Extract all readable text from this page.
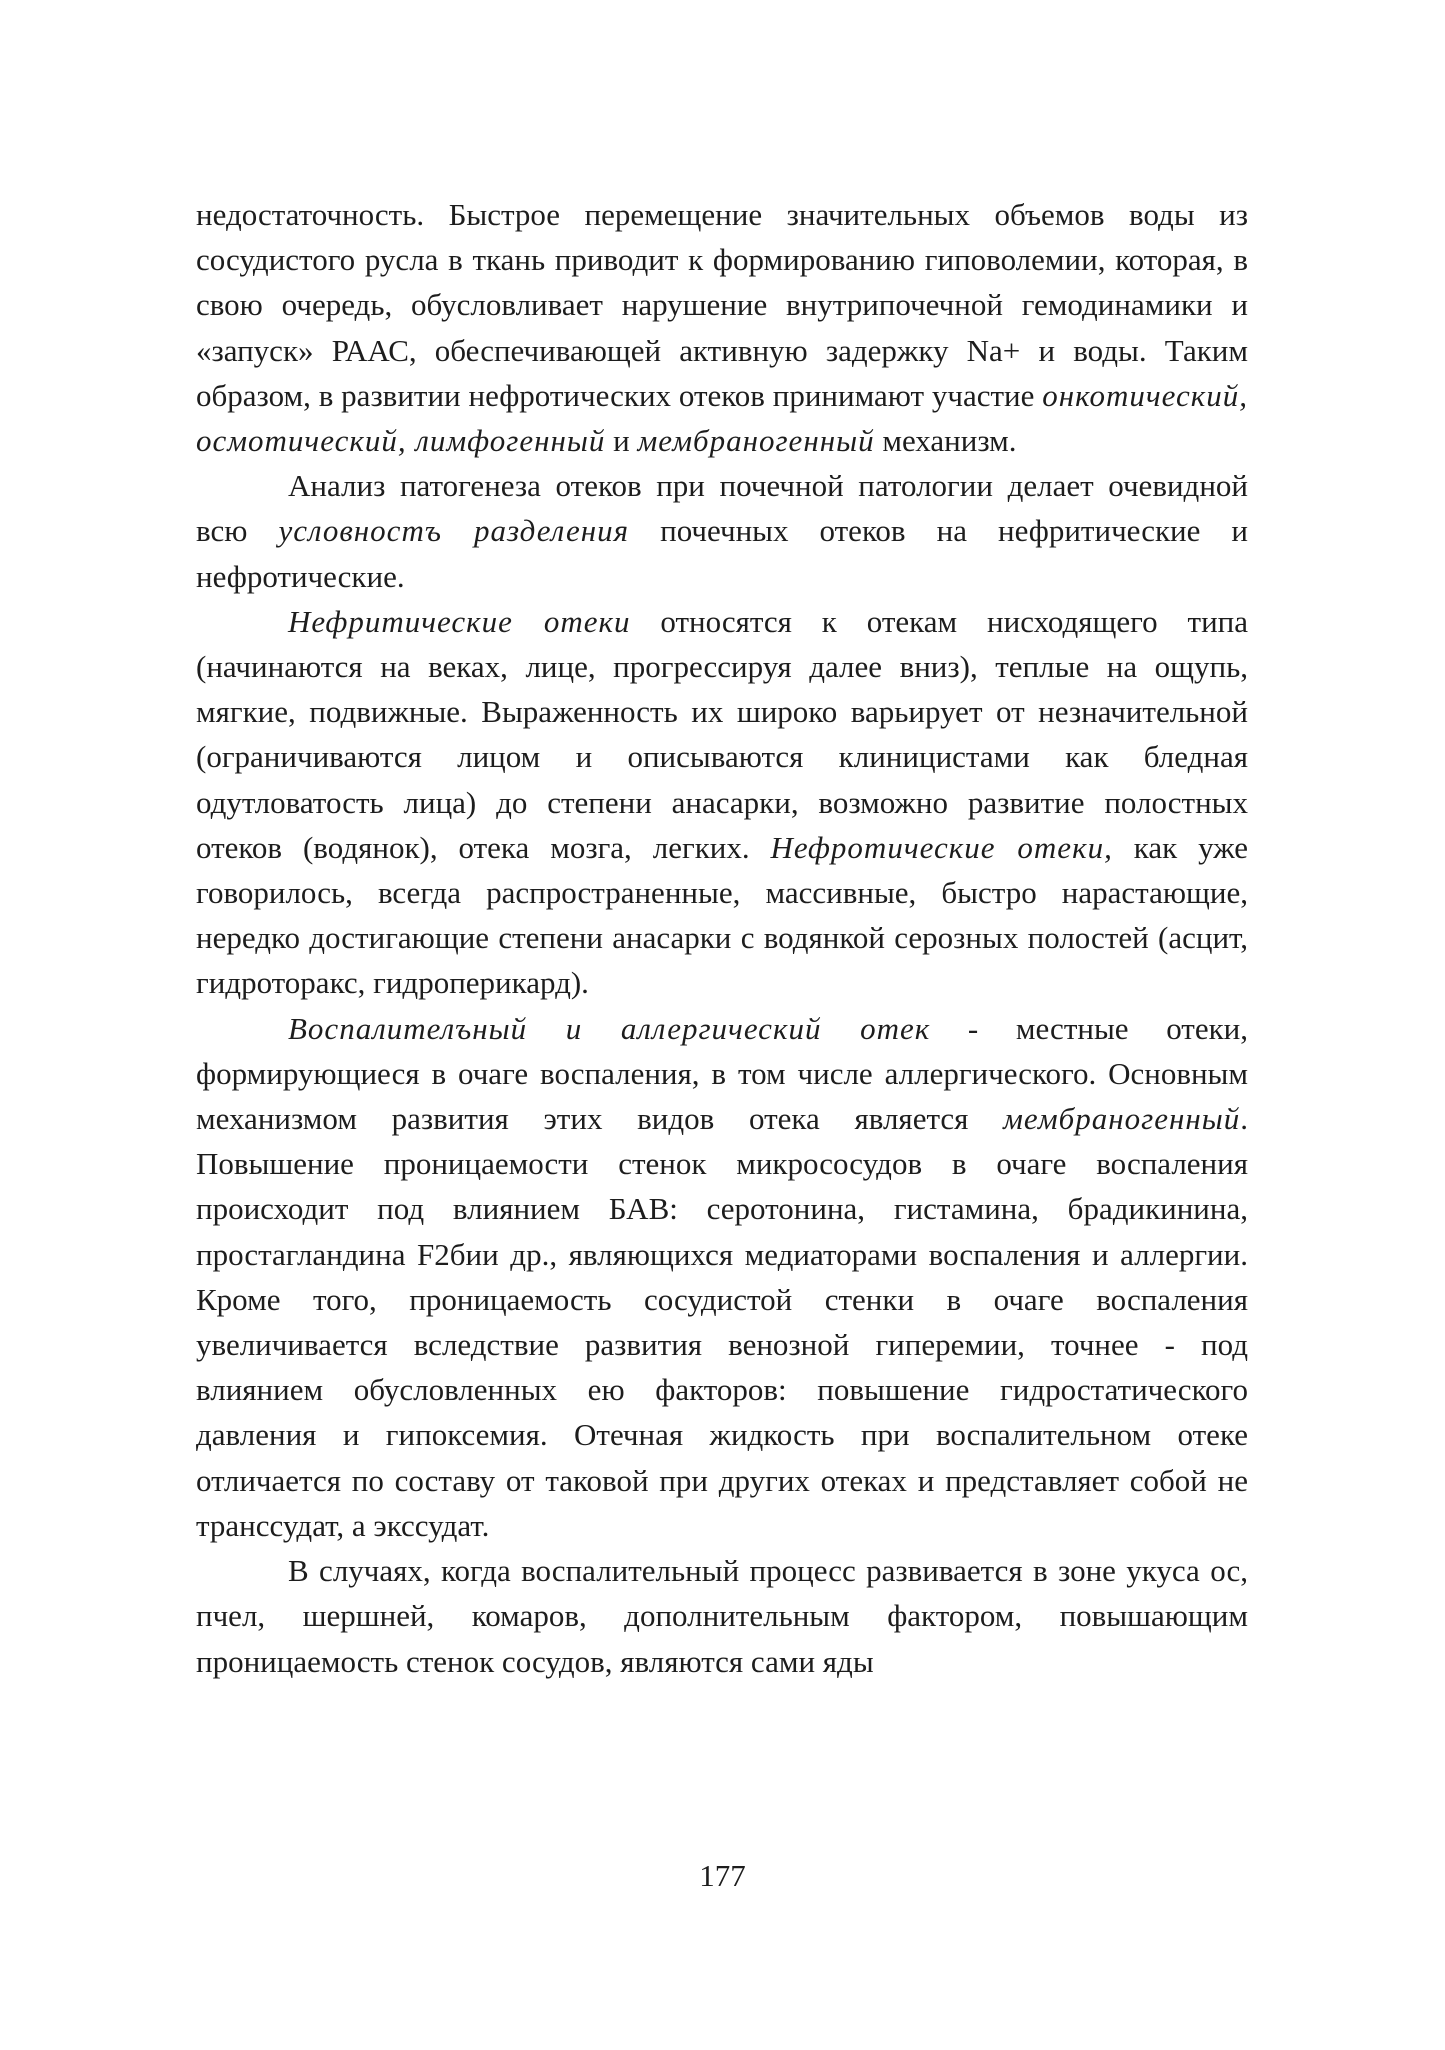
недостаточность. Быстрое перемещение значительных объемов воды из сосудистого русла в ткань приводит к формированию гиповолемии, которая, в свою очередь, обусловливает нарушение внутрипочечной гемодинамики и «запуск» РААС, обеспечивающей активную задержку Na+ и воды. Таким образом, в развитии нефротических отеков принимают участие онкотический, осмотический, лимфогенный и мембраногенный механизм.

Анализ патогенеза отеков при почечной патологии делает очевидной всю условностъ разделения почечных отеков на нефритические и нефротические.

Нефритические отеки относятся к отекам нисходящего типа (начинаются на веках, лице, прогрессируя далее вниз), теплые на ощупь, мягкие, подвижные. Выраженность их широко варьирует от незначительной (ограничиваются лицом и описываются клиницистами как бледная одутловатость лица) до степени анасарки, возможно развитие полостных отеков (водянок), отека мозга, легких. Нефротические отеки, как уже говорилось, всегда распространенные, массивные, быстро нарастающие, нередко достигающие степени анасарки с водянкой серозных полостей (асцит, гидроторакс, гидроперикард).

Воспалителъный и аллергический отек - местные отеки, формирующиеся в очаге воспаления, в том числе аллергического. Основным механизмом развития этих видов отека является мембраногенный. Повышение проницаемости стенок микрососудов в очаге воспаления происходит под влиянием БАВ: серотонина, гистамина, брадикинина, простагландина F2бии др., являющихся медиаторами воспаления и аллергии. Кроме того, проницаемость сосудистой стенки в очаге воспаления увеличивается вследствие развития венозной гиперемии, точнее - под влиянием обусловленных ею факторов: повышение гидростатического давления и гипоксемия. Отечная жидкость при воспалительном отеке отличается по составу от таковой при других отеках и представляет собой не транссудат, а экссудат.

В случаях, когда воспалительный процесс развивается в зоне укуса ос, пчел, шершней, комаров, дополнительным фактором, повышающим проницаемость стенок сосудов, являются сами яды

177
